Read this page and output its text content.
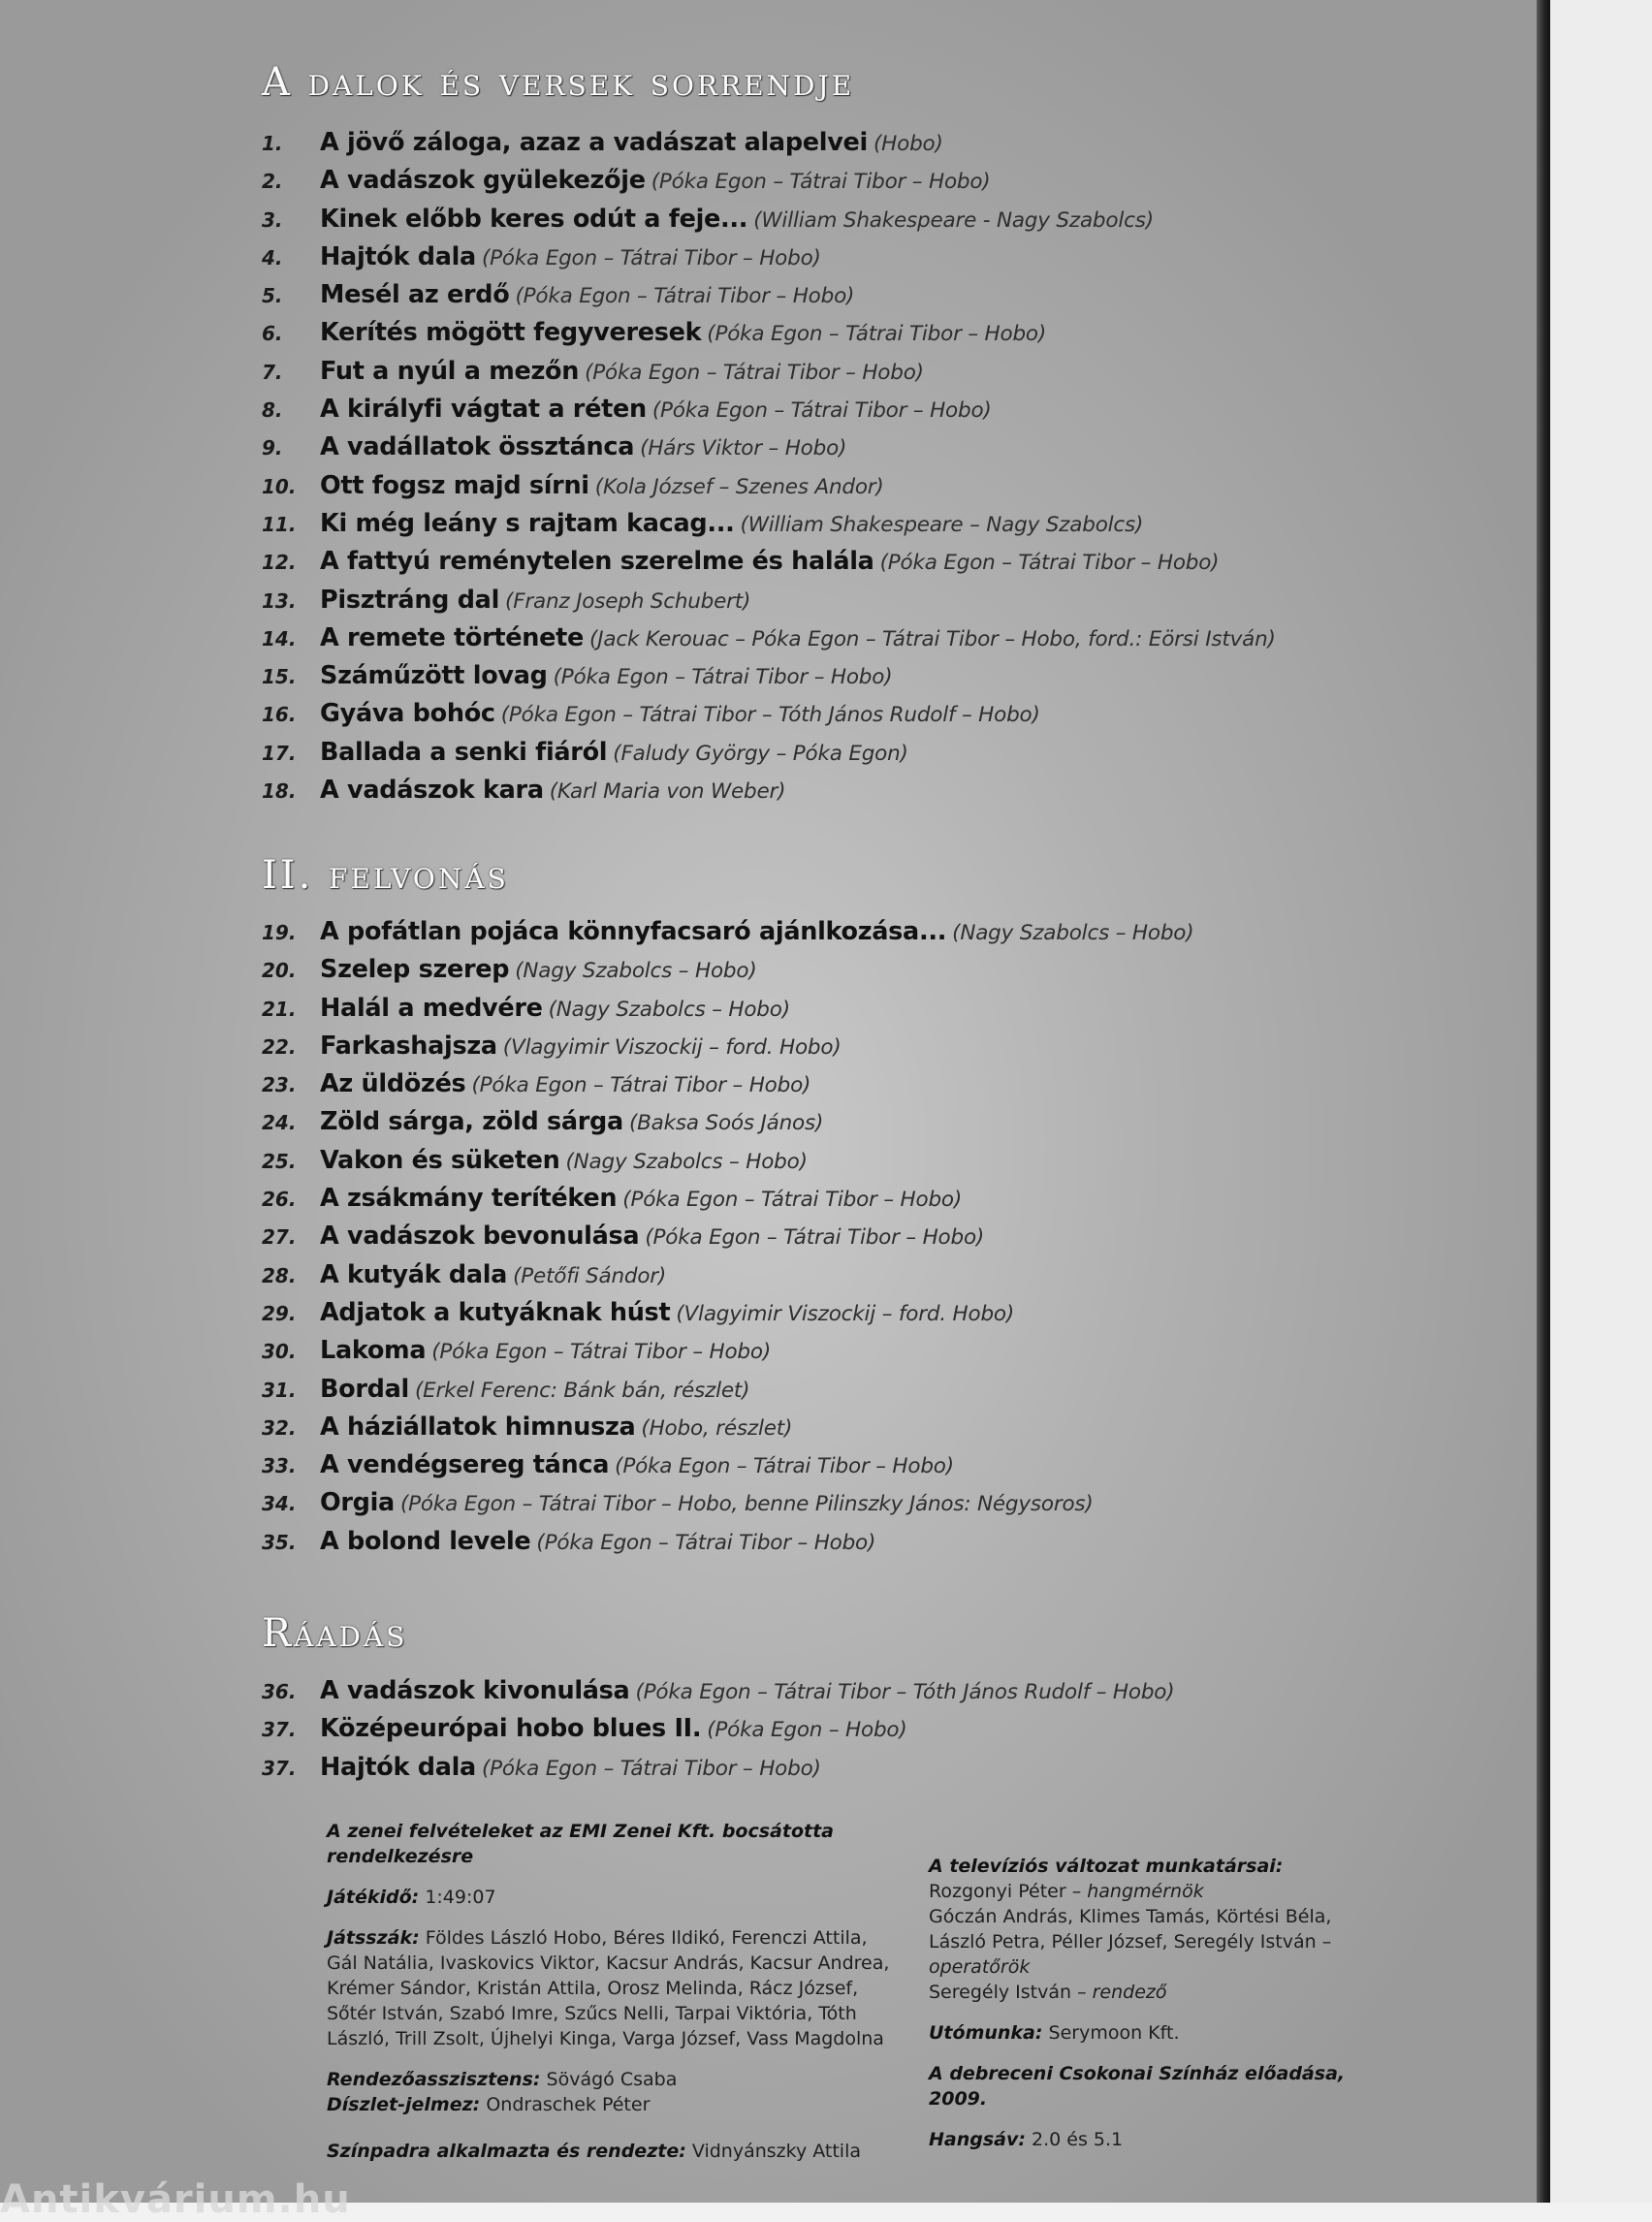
A dalok és versek sorrendje
1. A jövő záloga, azaz a vadászat alapelvei (Hobo)
2. A vadászok gyülekezője (Póka Egon – Tátrai Tibor – Hobo)
3. Kinek előbb keres odút a feje... (William Shakespeare - Nagy Szabolcs)
4. Hajtók dala (Póka Egon – Tátrai Tibor – Hobo)
5. Mesél az erdő (Póka Egon – Tátrai Tibor – Hobo)
6. Kerítés mögött fegyveresek (Póka Egon – Tátrai Tibor – Hobo)
7. Fut a nyúl a mezőn (Póka Egon – Tátrai Tibor – Hobo)
8. A királyfi vágtat a réten (Póka Egon – Tátrai Tibor – Hobo)
9. A vadállatok össztánca (Hárs Viktor – Hobo)
10. Ott fogsz majd sírni (Kola József – Szenes Andor)
11. Ki még leány s rajtam kacag... (William Shakespeare – Nagy Szabolcs)
12. A fattyú reménytelen szerelme és halála (Póka Egon – Tátrai Tibor – Hobo)
13. Pisztráng dal (Franz Joseph Schubert)
14. A remete története (Jack Kerouac – Póka Egon – Tátrai Tibor – Hobo, ford.: Eörsi István)
15. Száműzött lovag (Póka Egon – Tátrai Tibor – Hobo)
16. Gyáva bohóc (Póka Egon – Tátrai Tibor – Tóth János Rudolf – Hobo)
17. Ballada a senki fiáról (Faludy György – Póka Egon)
18. A vadászok kara (Karl Maria von Weber)
II. felvonás
19. A pofátlan pojáca könnyfacsaró ajánlkozása... (Nagy Szabolcs – Hobo)
20. Szelep szerep (Nagy Szabolcs – Hobo)
21. Halál a medvére (Nagy Szabolcs – Hobo)
22. Farkashajsza (Vlagyimir Viszockij – ford. Hobo)
23. Az üldözés (Póka Egon – Tátrai Tibor – Hobo)
24. Zöld sárga, zöld sárga (Baksa Soós János)
25. Vakon és süketen (Nagy Szabolcs – Hobo)
26. A zsákmány terítéken (Póka Egon – Tátrai Tibor – Hobo)
27. A vadászok bevonulása (Póka Egon – Tátrai Tibor – Hobo)
28. A kutyák dala (Petőfi Sándor)
29. Adjatok a kutyáknak húst (Vlagyimir Viszockij – ford. Hobo)
30. Lakoma (Póka Egon – Tátrai Tibor – Hobo)
31. Bordal (Erkel Ferenc: Bánk bán, részlet)
32. A háziállatok himnusza (Hobo, részlet)
33. A vendégsereg tánca (Póka Egon – Tátrai Tibor – Hobo)
34. Orgia (Póka Egon – Tátrai Tibor – Hobo, benne Pilinszky János: Négysoros)
35. A bolond levele (Póka Egon – Tátrai Tibor – Hobo)
Ráadás
36. A vadászok kivonulása (Póka Egon – Tátrai Tibor – Tóth János Rudolf – Hobo)
37. Középeurópai hobo blues II. (Póka Egon – Hobo)
37. Hajtók dala (Póka Egon – Tátrai Tibor – Hobo)
A zenei felvételeket az EMI Zenei Kft. bocsátotta rendelkezésre
Játékidő: 1:49:07
Játsszák: Földes László Hobo, Béres Ildikó, Ferenczi Attila, Gál Natália, Ivaskovics Viktor, Kacsur András, Kacsur Andrea, Krémer Sándor, Kristán Attila, Orosz Melinda, Rácz József, Sőtér István, Szabó Imre, Szűcs Nelli, Tarpai Viktória, Tóth László, Trill Zsolt, Újhelyi Kinga, Varga József, Vass Magdolna
Rendezőasszisztens: Sövágó Csaba
Díszlet-jelmez: Ondraschek Péter
Színpadra alkalmazta és rendezte: Vidnyánszky Attila
A televíziós változat munkatársai:
Rozgonyi Péter – hangmérnök
Góczán András, Klimes Tamás, Körtési Béla, László Petra, Péller József, Seregély István – operatőrök
Seregély István – rendező
Utómunka: Serymoon Kft.
A debreceni Csokonai Színház előadása, 2009.
Hangsáv: 2.0 és 5.1
Antikvárium.hu
